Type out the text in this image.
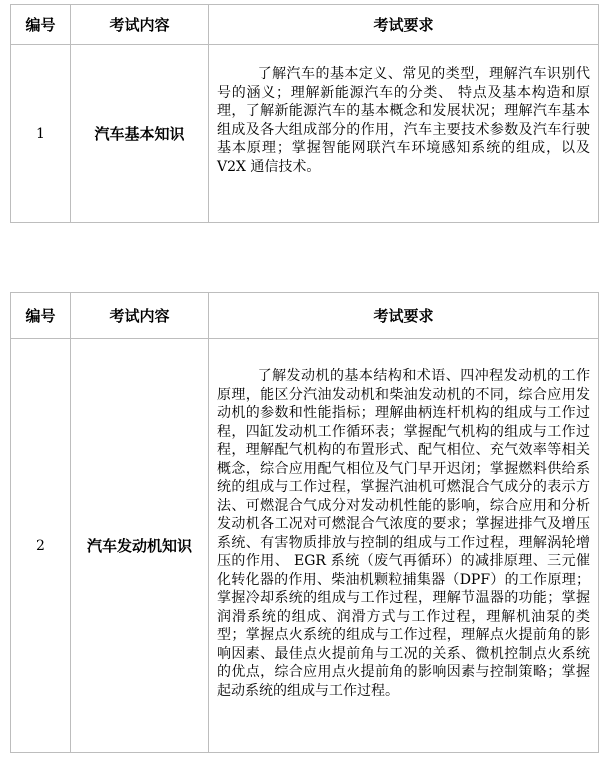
编号	考试内容	考试要求
1	汽车基本知识	了解汽车的基本定义、常见的类型，理解汽车识别代号的涵义；理解新能源汽车的分类、 特点及基本构造和原理，了解新能源汽车的基本概念和发展状况；理解汽车基本组成及各大组成部分的作用，汽车主要技术参数及汽车行驶基本原理；掌握智能网联汽车环境感知系统的组成，以及 V2X 通信技术。

编号	考试内容	考试要求
2	汽车发动机知识	了解发动机的基本结构和术语、四冲程发动机的工作原理，能区分汽油发动机和柴油发动机的不同，综合应用发动机的参数和性能指标；理解曲柄连杆机构的组成与工作过程，四缸发动机工作循环表；掌握配气机构的组成与工作过程，理解配气机构的布置形式、配气相位、充气效率等相关概念，综合应用配气相位及气门早开迟闭；掌握燃料供给系统的组成与工作过程，掌握汽油机可燃混合气成分的表示方法、可燃混合气成分对发动机性能的影响，综合应用和分析发动机各工况对可燃混合气浓度的要求；掌握进排气及增压系统、有害物质排放与控制的组成与工作过程，理解涡轮增压的作用、 EGR 系统（废气再循环）的减排原理、三元催化转化器的作用、柴油机颗粒捕集器（DPF）的工作原理；掌握冷却系统的组成与工作过程，理解节温器的功能；掌握润滑系统的组成、润滑方式与工作过程，理解机油泵的类型；掌握点火系统的组成与工作过程，理解点火提前角的影响因素、最佳点火提前角与工况的关系、微机控制点火系统的优点，综合应用点火提前角的影响因素与控制策略；掌握起动系统的组成与工作过程。
